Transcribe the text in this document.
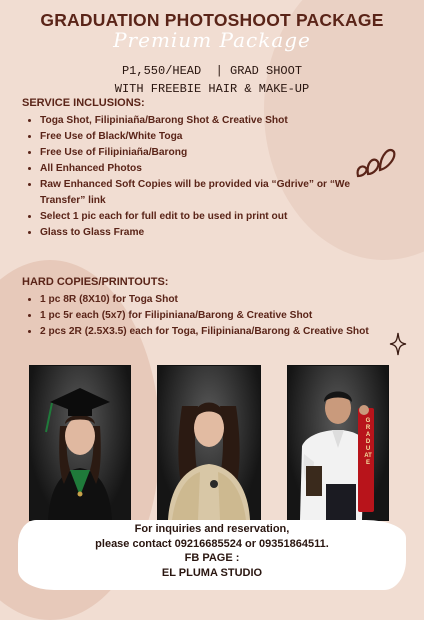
GRADUATION PHOTOSHOOT PACKAGE
Premium Package
P1,550/HEAD  | GRAD SHOOT
WITH FREEBIE HAIR & MAKE-UP
SERVICE INCLUSIONS:
• Toga Shot, Filipiniaña/Barong Shot & Creative Shot
• Free Use of Black/White Toga
• Free Use of Filipiniaña/Barong
• All Enhanced Photos
• Raw Enhanced Soft Copies will be provided via “Gdrive” or “We Transfer” link
• Select 1 pic each for full edit to be used in print out
• Glass to Glass Frame
HARD COPIES/PRINTOUTS:
• 1 pc 8R (8X10) for Toga Shot
• 1 pc 5r each (5x7) for Filipiniana/Barong & Creative Shot
• 2 pcs 2R (2.5X3.5) each for Toga, Filipiniana/Barong & Creative Shot
GRADUATE
For inquiries and reservation,
please contact 09216685524 or 09351864511.
FB PAGE :
EL PLUMA STUDIO
